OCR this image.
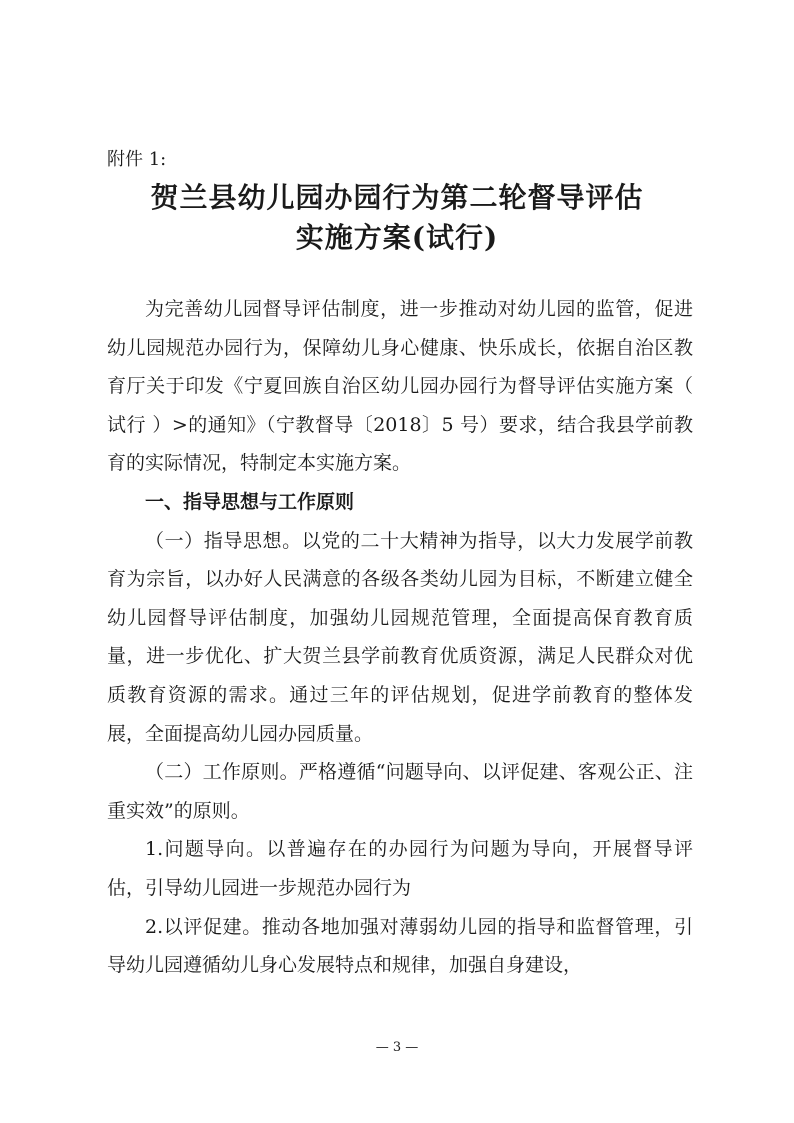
附件 1:
贺兰县幼儿园办园行为第二轮督导评估
实施方案(试行)

为完善幼儿园督导评估制度，进一步推动对幼儿园的监管，促进幼儿园规范办园行为，保障幼儿身心健康、快乐成长，依据自治区教育厅关于印发《宁夏回族自治区幼儿园办园行为督导评估实施方案（ 试行 ）>的通知》（宁教督导〔2018〕5 号）要求，结合我县学前教育的实际情况，特制定本实施方案。

一、指导思想与工作原则

（一）指导思想。以党的二十大精神为指导，以大力发展学前教育为宗旨，以办好人民满意的各级各类幼儿园为目标，不断建立健全幼儿园督导评估制度，加强幼儿园规范管理，全面提高保育教育质量，进一步优化、扩大贺兰县学前教育优质资源，满足人民群众对优质教育资源的需求。通过三年的评估规划，促进学前教育的整体发展，全面提高幼儿园办园质量。

（二）工作原则。严格遵循“问题导向、以评促建、客观公正、注重实效”的原则。

1.问题导向。以普遍存在的办园行为问题为导向，开展督导评估，引导幼儿园进一步规范办园行为

2.以评促建。推动各地加强对薄弱幼儿园的指导和监督管理，引导幼儿园遵循幼儿身心发展特点和规律，加强自身建设，

— 3 —
